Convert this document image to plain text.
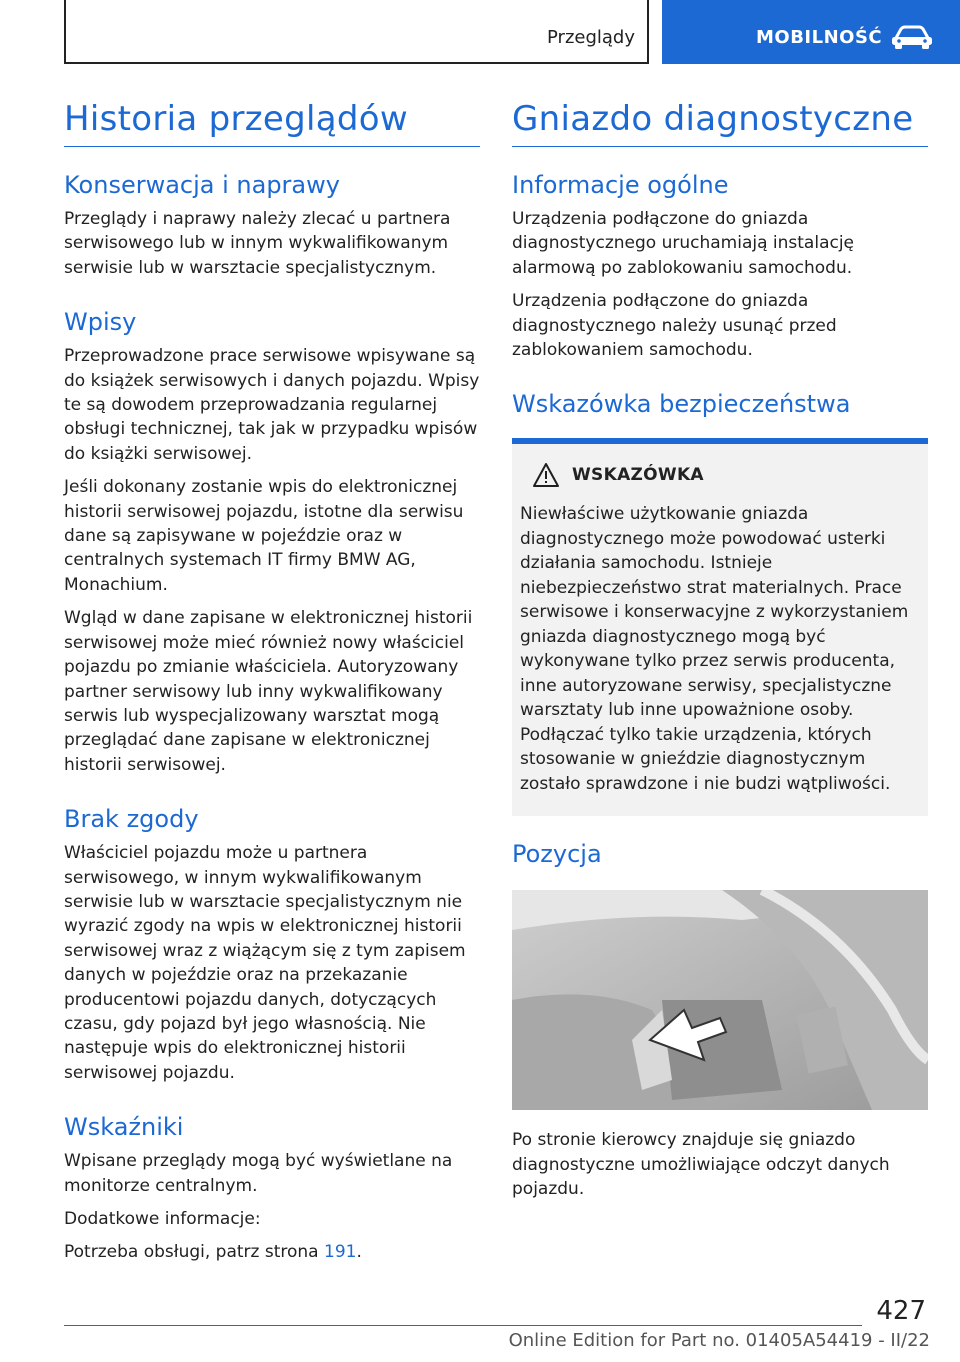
Przeglądy	MOBILNOŚĆ
Historia przeglądów
Konserwacja i naprawy

Przeglądy i naprawy należy zlecać u partnera serwisowego lub w innym wykwalifikowanym serwisie lub w warsztacie specjalistycznym.

Wpisy

Przeprowadzone prace serwisowe wpisywane są do książek serwisowych i danych pojazdu. Wpisy te są dowodem przeprowadzania regularnej obsługi technicznej, tak jak w przypadku wpisów do książki serwisowej.

Jeśli dokonany zostanie wpis do elektronicznej historii serwisowej pojazdu, istotne dla serwisu dane są zapisywane w pojeździe oraz w centralnych systemach IT firmy BMW AG, Monachium.

Wgląd w dane zapisane w elektronicznej historii serwisowej może mieć również nowy właściciel pojazdu po zmianie właściciela. Autoryzowany partner serwisowy lub inny wykwalifikowany serwis lub wyspecjalizowany warsztat mogą przeglądać dane zapisane w elektronicznej historii serwisowej.

Brak zgody

Właściciel pojazdu może u partnera serwisowego, w innym wykwalifikowanym serwisie lub w warsztacie specjalistycznym nie wyrazić zgody na wpis w elektronicznej historii serwisowej wraz z wiążącym się z tym zapisem danych w pojeździe oraz na przekazanie producentowi pojazdu danych, dotyczących czasu, gdy pojazd był jego własnością. Nie następuje wpis do elektronicznej historii serwisowej pojazdu.

Wskaźniki

Wpisane przeglądy mogą być wyświetlane na monitorze centralnym.

Dodatkowe informacje:

Potrzeba obsługi, patrz strona 191.

Gniazdo diagnostyczne
Informacje ogólne

Urządzenia podłączone do gniazda diagnostycznego uruchamiają instalację alarmową po zablokowaniu samochodu.

Urządzenia podłączone do gniazda diagnostycznego należy usunąć przed zablokowaniem samochodu.

Wskazówka bezpieczeństwa
WSKAZÓWKA

Niewłaściwe użytkowanie gniazda diagnostycznego może powodować usterki działania samochodu. Istnieje niebezpieczeństwo strat materialnych. Prace serwisowe i konserwacyjne z wykorzystaniem gniazda diagnostycznego mogą być wykonywane tylko przez serwis producenta, inne autoryzowane serwisy, specjalistyczne warsztaty lub inne upoważnione osoby. Podłączać tylko takie urządzenia, których stosowanie w gnieździe diagnostycznym zostało sprawdzone i nie budzi wątpliwości.

Pozycja

Po stronie kierowcy znajduje się gniazdo diagnostyczne umożliwiające odczyt danych pojazdu.

427
Online Edition for Part no. 01405A54419 - II/22
